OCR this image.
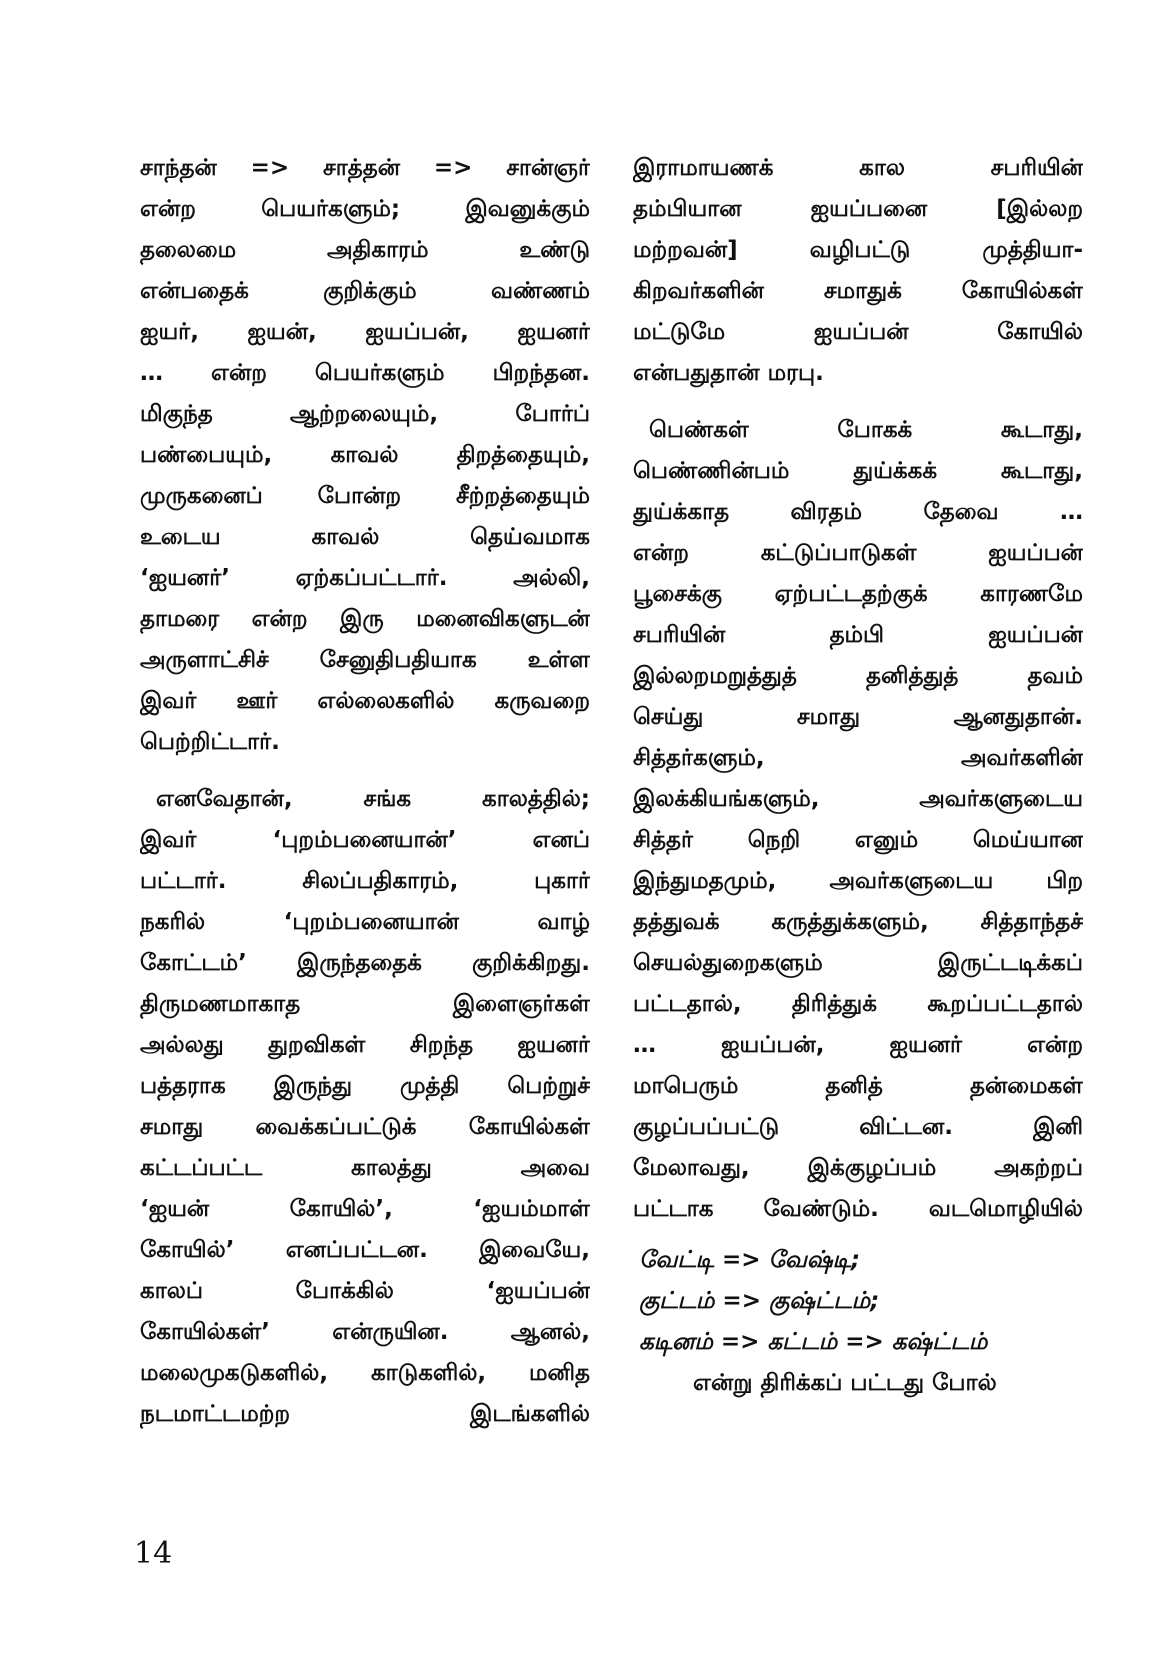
சாந்தன் => சாத்தன் => சான்ஞர்
என்ற பெயர்களும்; இவனுக்கும்
தலைமை அதிகாரம் உண்டு
என்பதைக் குறிக்கும் வண்ணம்
ஐயர், ஐயன், ஐயப்பன், ஐயனர்
… என்ற பெயர்களும் பிறந்தன.
மிகுந்த ஆற்றலையும், போர்ப்
பண்பையும், காவல் திறத்தையும்,
முருகனைப் போன்ற சீற்றத்தையும்
உடைய காவல் தெய்வமாக
‘ஐயனர்’ ஏற்கப்பட்டார். அல்லி,
தாமரை என்ற இரு மனைவிகளுடன்
அருளாட்சிச் சேனுதிபதியாக உள்ள
இவர் ஊர் எல்லைகளில் கருவறை
பெற்றிட்டார்.

எனவேதான், சங்க காலத்தில்;
இவர் ‘புறம்பனையான்’ எனப்
பட்டார். சிலப்பதிகாரம், புகார்
நகரில் ‘புறம்பனையான் வாழ்
கோட்டம்’ இருந்ததைக் குறிக்கிறது.
திருமணமாகாத இளைஞர்கள்
அல்லது துறவிகள் சிறந்த ஐயனர்
பத்தராக இருந்து முத்தி பெற்றுச்
சமாது வைக்கப்பட்டுக் கோயில்கள்
கட்டப்பட்ட காலத்து அவை
‘ஐயன் கோயில்’, ‘ஐயம்மாள்
கோயில்’ எனப்பட்டன. இவையே,
காலப் போக்கில் ‘ஐயப்பன்
கோயில்கள்’ என்ருயின. ஆனல்,
மலைமுகடுகளில், காடுகளில், மனித
நடமாட்டமற்ற இடங்களில்

இராமாயணக் கால சபரியின்
தம்பியான ஐயப்பனை [இல்லற
மற்றவன்] வழிபட்டு முத்தியா-
கிறவர்களின் சமாதுக் கோயில்கள்
மட்டுமே ஐயப்பன் கோயில்
என்பதுதான் மரபு.

பெண்கள் போகக் கூடாது,
பெண்ணின்பம் துய்க்கக் கூடாது,
துய்க்காத விரதம் தேவை …
என்ற கட்டுப்பாடுகள் ஐயப்பன்
பூசைக்கு ஏற்பட்டதற்குக் காரணமே
சபரியின் தம்பி ஐயப்பன்
இல்லறமறுத்துத் தனித்துத் தவம்
செய்து சமாது ஆனதுதான்.
சித்தர்களும், அவர்களின்
இலக்கியங்களும், அவர்களுடைய
சித்தர் நெறி எனும் மெய்யான
இந்துமதமும், அவர்களுடைய பிற
தத்துவக் கருத்துக்களும், சித்தாந்தச்
செயல்துறைகளும் இருட்டடிக்கப்
பட்டதால், திரித்துக் கூறப்பட்டதால்
… ஐயப்பன், ஐயனர் என்ற
மாபெரும் தனித் தன்மைகள்
குழப்பப்பட்டு விட்டன. இனி
மேலாவது, இக்குழப்பம் அகற்றப்
பட்டாக வேண்டும். வடமொழியில்

வேட்டி => வேஷ்டி;
குட்டம் => குஷ்ட்டம்;
கடினம் => கட்டம் => கஷ்ட்டம்
என்று திரிக்கப் பட்டது போல்
14
